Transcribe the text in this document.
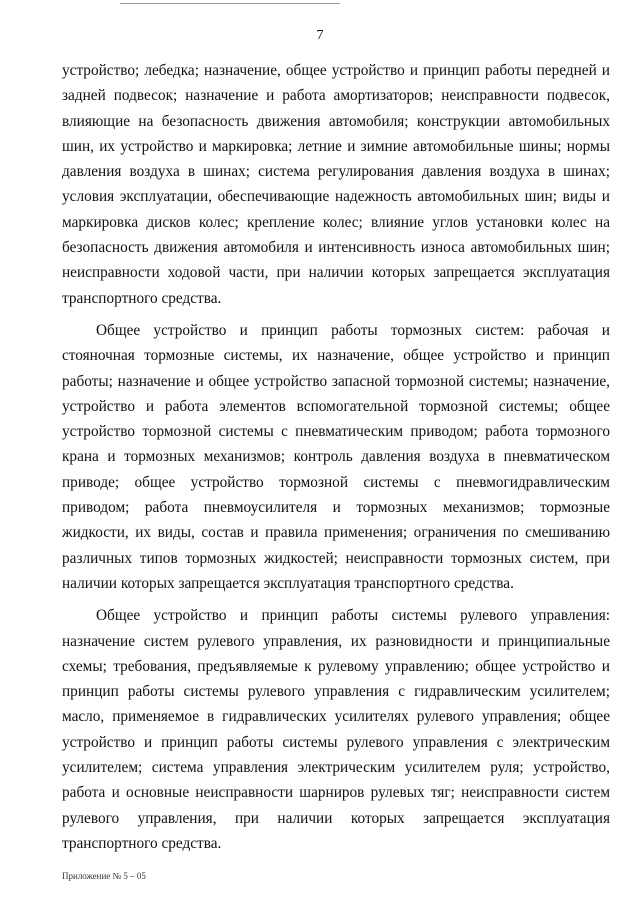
7

устройство; лебедка; назначение, общее устройство и принцип работы передней и задней подвесок; назначение и работа амортизаторов; неисправности подвесок, влияющие на безопасность движения автомобиля; конструкции автомобильных шин, их устройство и маркировка; летние и зимние автомобильные шины; нормы давления воздуха в шинах; система регулирования давления воздуха в шинах; условия эксплуатации, обеспечивающие надежность автомобильных шин; виды и маркировка дисков колес; крепление колес; влияние углов установки колес на безопасность движения автомобиля и интенсивность износа автомобильных шин; неисправности ходовой части, при наличии которых запрещается эксплуатация транспортного средства.

Общее устройство и принцип работы тормозных систем: рабочая и стояночная тормозные системы, их назначение, общее устройство и принцип работы; назначение и общее устройство запасной тормозной системы; назначение, устройство и работа элементов вспомогательной тормозной системы; общее устройство тормозной системы с пневматическим приводом; работа тормозного крана и тормозных механизмов; контроль давления воздуха в пневматическом приводе; общее устройство тормозной системы с пневмогидравлическим приводом; работа пневмоусилителя и тормозных механизмов; тормозные жидкости, их виды, состав и правила применения; ограничения по смешиванию различных типов тормозных жидкостей; неисправности тормозных систем, при наличии которых запрещается эксплуатация транспортного средства.

Общее устройство и принцип работы системы рулевого управления: назначение систем рулевого управления, их разновидности и принципиальные схемы; требования, предъявляемые к рулевому управлению; общее устройство и принцип работы системы рулевого управления с гидравлическим усилителем; масло, применяемое в гидравлических усилителях рулевого управления; общее устройство и принцип работы системы рулевого управления с электрическим усилителем; система управления электрическим усилителем руля; устройство, работа и основные неисправности шарниров рулевых тяг; неисправности систем рулевого управления, при наличии которых запрещается эксплуатация транспортного средства.

Приложение № 5 – 05
